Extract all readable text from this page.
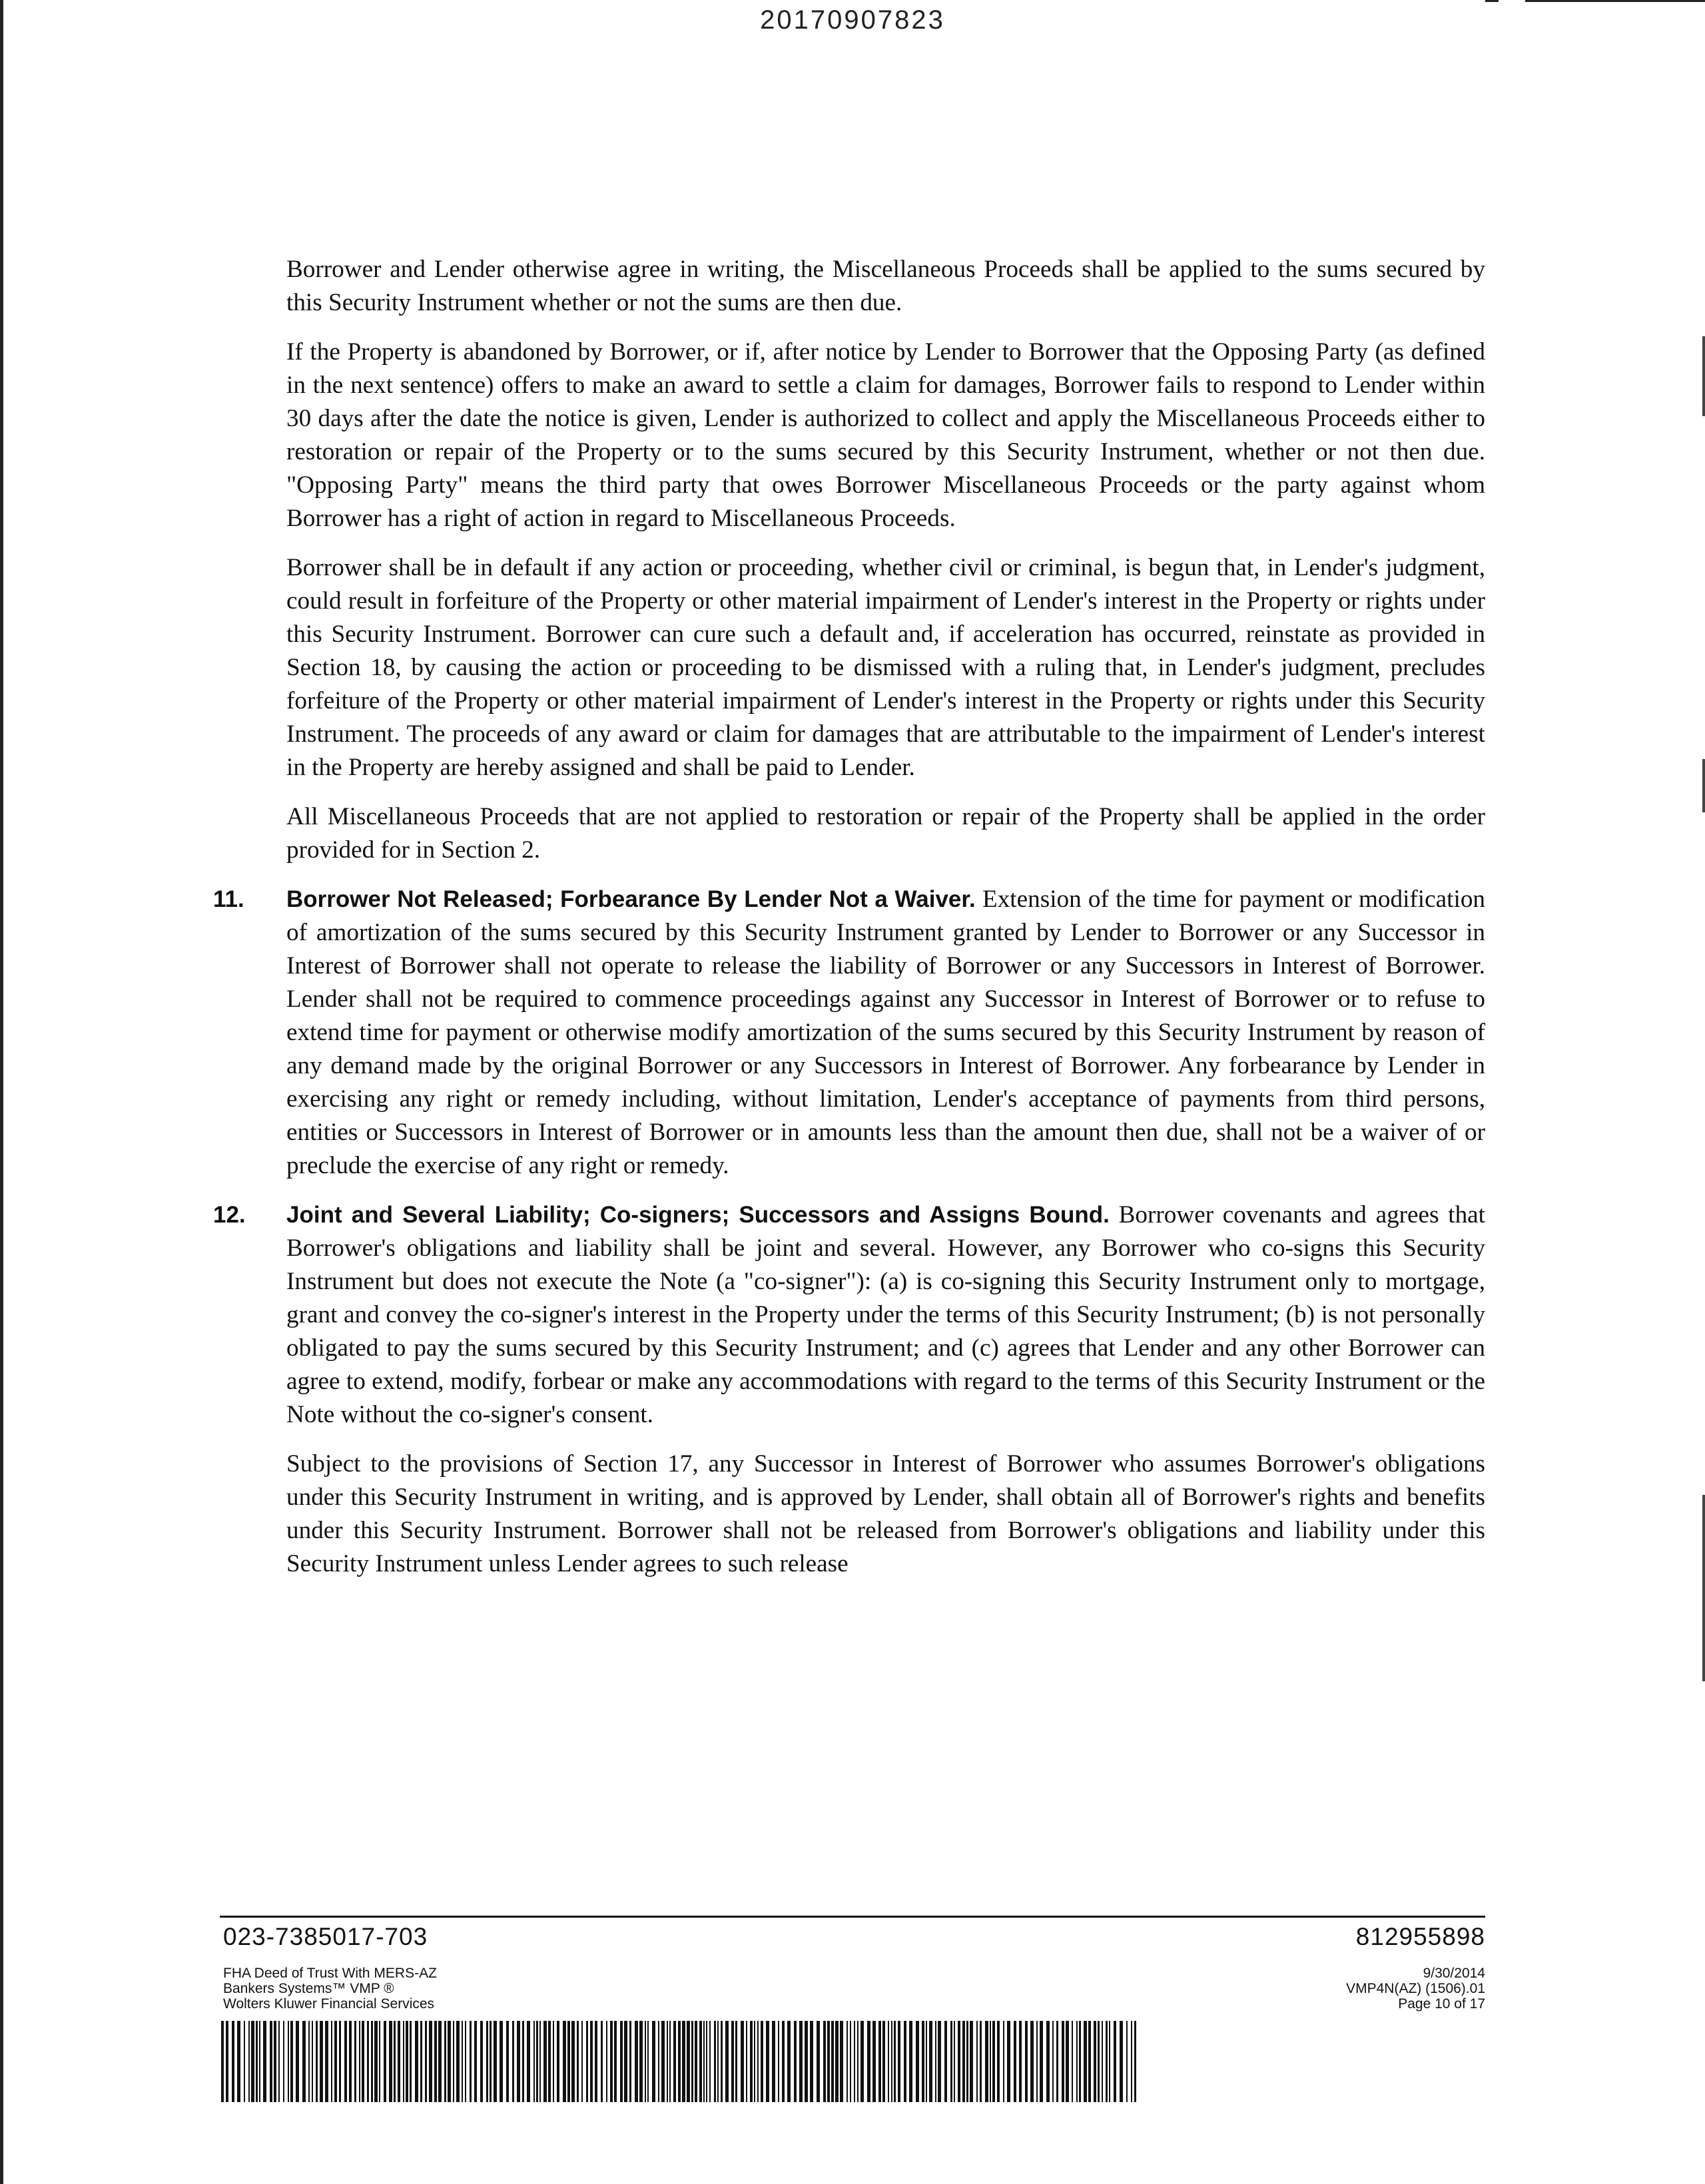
20170907823

Borrower and Lender otherwise agree in writing, the Miscellaneous Proceeds shall be applied to the sums secured by this Security Instrument whether or not the sums are then due.

If the Property is abandoned by Borrower, or if, after notice by Lender to Borrower that the Opposing Party (as defined in the next sentence) offers to make an award to settle a claim for damages, Borrower fails to respond to Lender within 30 days after the date the notice is given, Lender is authorized to collect and apply the Miscellaneous Proceeds either to restoration or repair of the Property or to the sums secured by this Security Instrument, whether or not then due. "Opposing Party" means the third party that owes Borrower Miscellaneous Proceeds or the party against whom Borrower has a right of action in regard to Miscellaneous Proceeds.

Borrower shall be in default if any action or proceeding, whether civil or criminal, is begun that, in Lender's judgment, could result in forfeiture of the Property or other material impairment of Lender's interest in the Property or rights under this Security Instrument. Borrower can cure such a default and, if acceleration has occurred, reinstate as provided in Section 18, by causing the action or proceeding to be dismissed with a ruling that, in Lender's judgment, precludes forfeiture of the Property or other material impairment of Lender's interest in the Property or rights under this Security Instrument. The proceeds of any award or claim for damages that are attributable to the impairment of Lender's interest in the Property are hereby assigned and shall be paid to Lender.

All Miscellaneous Proceeds that are not applied to restoration or repair of the Property shall be applied in the order provided for in Section 2.

11. Borrower Not Released; Forbearance By Lender Not a Waiver. Extension of the time for payment or modification of amortization of the sums secured by this Security Instrument granted by Lender to Borrower or any Successor in Interest of Borrower shall not operate to release the liability of Borrower or any Successors in Interest of Borrower. Lender shall not be required to commence proceedings against any Successor in Interest of Borrower or to refuse to extend time for payment or otherwise modify amortization of the sums secured by this Security Instrument by reason of any demand made by the original Borrower or any Successors in Interest of Borrower. Any forbearance by Lender in exercising any right or remedy including, without limitation, Lender's acceptance of payments from third persons, entities or Successors in Interest of Borrower or in amounts less than the amount then due, shall not be a waiver of or preclude the exercise of any right or remedy.
12. Joint and Several Liability; Co-signers; Successors and Assigns Bound. Borrower covenants and agrees that Borrower's obligations and liability shall be joint and several. However, any Borrower who co-signs this Security Instrument but does not execute the Note (a "co-signer"): (a) is co-signing this Security Instrument only to mortgage, grant and convey the co-signer's interest in the Property under the terms of this Security Instrument; (b) is not personally obligated to pay the sums secured by this Security Instrument; and (c) agrees that Lender and any other Borrower can agree to extend, modify, forbear or make any accommodations with regard to the terms of this Security Instrument or the Note without the co-signer's consent.

Subject to the provisions of Section 17, any Successor in Interest of Borrower who assumes Borrower's obligations under this Security Instrument in writing, and is approved by Lender, shall obtain all of Borrower's rights and benefits under this Security Instrument. Borrower shall not be released from Borrower's obligations and liability under this Security Instrument unless Lender agrees to such release

023-7385017-703	812955898
FHA Deed of Trust With MERS-AZ
Bankers Systems™ VMP ®
Wolters Kluwer Financial Services
9/30/2014
VMP4N(AZ) (1506).01
Page 10 of 17
